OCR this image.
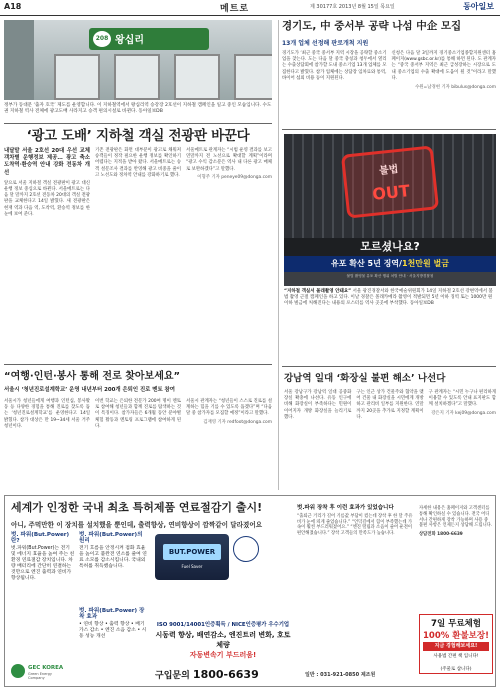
A18	메트로	제 30177호 2013년 8월 15일 목요일	동아일보
208 왕십리
정부가 동대문 ‘출자 호국’ 제도를 운영합니다. 이 지하철역에서 왕십리역 승강장 2호선이 지하철 캠페인을 일고 중인 모습입니다. 수도권 지하철 역사 전체에 광고도배 사라지고 승객 편의시설로 바뀐다. 동아일보DB
경기도, 中 중서부 공략 나섬 中企 모집
13개 업체 선정해 판로개척 지원
경기도가 ‘최근 중국 중서부 지역 시장을 공략할 중소기업을 찾는다. 도는 다음 달 중국 충칭과 청두에서 열리는 수출상담회에 참가할 도내 중소기업 13개 업체를 모집한다고 밝혔다. 참가 업체에는 상담장 임차료와 통역, 바이어 섭외 비용 등이 지원된다.
신청은 다음 달 3일까지 경기중소기업종합지원센터 홈페이지(www.gsbc.or.kr)를 통해 하면 된다. 도 관계자는 “중국 중서부 지역은 최근 급성장하는 시장으로 도내 중소기업의 수출 확대에 도움이 될 것”이라고 말했다.
수원=남경현 기자 bibulus@donga.com
‘광고 도배’ 지하철 객실 전광판 바꾼다
내달말 서울 2호선 20대 우선 교체 객차별 운행정보 제공… 광고 축소 도착역·환승역 안내 강화 전동차 개선
앞으로 서울 지하철 객실 전광판이 광고 대신 운행 정보 중심으로 바뀐다. 서울메트로는 다음 달 말까지 2호선 전동차 20대의 객실 전광판을 교체한다고 14일 밝혔다. 새 전광판은 현재 역과 다음 역, 도착역, 환승역 정보를 한눈에 보여 준다.
기존 전광판은 화면 대부분이 광고로 채워져 승객들이 정작 필요한 운행 정보를 확인하기 어렵다는 지적을 받아 왔다. 서울메트로는 승객 설문조사 결과를 반영해 광고 비중을 줄이고 노선도와 정차역 안내를 강화하기로 했다.
서울메트로 관계자는 “시범 운영 결과를 보고 연말까지 전 노선으로 확대할 계획”이라며 “광고 수익 감소분은 역사 내 다른 광고 매체로 보완하겠다”고 말했다.
이형주 기자 peneye09@donga.com
불법
OUT
모르셨나요?
유포 확산 5년 징역/1천만원 벌금
불법 촬영물 유포 확산 행위 처벌 안내 · 서울지방경찰청
“지하철 객실서 몰래촬영 안돼요” 서울 광진경찰서와 한국예술위원회가 14일 지하철 2호선 강변역에서 불법 촬영 근절 캠페인을 하고 있다. 이날 경찰은 몰래카메라 촬영이 적발되면 5년 이하 징역 또는 1000만 원 이하 벌금에 처해진다는 내용의 포스터를 역사 곳곳에 부착했다. 동아일보DB
“여행·인턴·봉사 통해 전로 찾아보세요”
서울시 ‘청년진로설계학교’ 운영 내년부터 200개 은퇴인 진로 멘토 참여
서울시가 청년들에게 여행과 인턴십, 봉사활동 등 다양한 경험을 통해 진로를 찾도록 돕는 ‘청년진로설계학교’를 운영한다고 14일 밝혔다. 참가 대상은 만 19~34세 서울 거주 청년이다.
이번 학교는 은퇴한 전문가 200여 명이 멘토로 참여해 청년들과 함께 진로를 탐색하는 것이 특징이다. 참가자들은 6개월 동안 분야별 체험 활동과 멘토링 프로그램에 참여하게 된다.
서울시 관계자는 “청년들이 스스로 진로를 설계하는 힘을 기를 수 있도록 돕겠다”며 “다음 달 중 참가자를 모집할 예정”이라고 말했다.
김재영 기자 redfoot@donga.com
강남역 일대 ‘화장실 불편 해소’ 나선다
서울 강남구가 강남역 일대 공중화장실 확충에 나선다. 유동 인구에 비해 화장실이 부족하다는 민원이 이어지자 개방 화장실을 늘리기로 했다.
구는 인근 상가 건물주와 협약을 맺어 건물 내 화장실을 시민에게 개방하고 관리비 일부를 지원한다. 연말까지 20곳을 추가로 지정할 계획이다.
구 관계자는 “시민 누구나 편리하게 이용할 수 있도록 안내 표지판도 함께 설치하겠다”고 말했다.
강은지 기자 kej09@donga.com
세계가 인정한 국내 최초 특허제품 연료절감기 출시!
아니, 주먹만한 이 장치를 설치했을 뿐인데, 출력향상, 연비향상이 깜짝같이 달라졌어요
벗. 파워(But.Power)란?
벗.파워(But.Power)는 전기 및 에너지 효율을 높여 주는 친환경 연료절감 장치입니다. 차량 배터리에 간단히 연결하는 것만으로 엔진 출력과 연비가 향상됩니다.
벗. 파워(But.Power)의 원리
전기 흐름을 안정시켜 점화 효율을 높이고 불완전 연소를 줄여 연료 소모를 감소시킵니다. 국내외 특허를 취득했습니다.
벗. 파워(But.Power) 장착 효과
• 연비 향상 • 출력 향상 • 배기가스 감소 • 엔진 소음 감소 • 시동 성능 개선
BUT.POWER
Fuel Saver
ISO 9001/14001인증획득 / NICE인증평가 우수기업
시동력 향상, 배연감소, 엔진트러 변화, 호토체량
자동변속기 부드러움!
GEC KOREA
Green Energy Company	구입문의 1800-6639	일반 : 031-921-0850 제조원
벗.파워 장착 후 이런 효과가 있었습니다
“출퇴근 거리가 길어 기름값 부담이 컸는데 장착 후 한 달 주유비가 눈에 띄게 줄었습니다.” “언덕길에서 힘이 부족했는데 가속이 훨씬 부드러워졌어요.” “엔진 떨림과 소음이 줄어 운전이 편안해졌습니다.” 장착 고객들의 만족도가 높습니다.
자세한 내용은 홈페이지와 고객센터를 통해 확인하실 수 있습니다. 전국 어디서나 간편하게 장착 가능하며 사용 중 불편 사항은 언제든지 상담해 드립니다.
상담전화 1800-6639
7일 무료체험
100% 환불보장!
지금 경험해보세요!
사용법 간편 책 입니다!
(주물로 삽니다)
